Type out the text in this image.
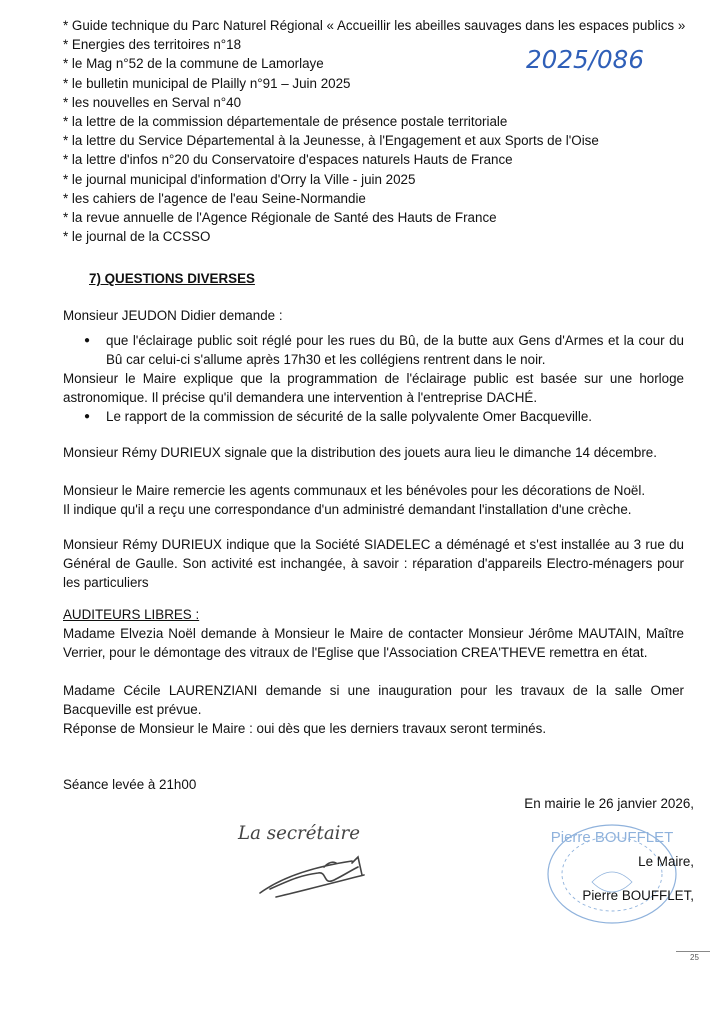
* Guide technique du Parc Naturel Régional « Accueillir les abeilles sauvages dans les espaces publics »
* Energies des territoires n°18
* le Mag n°52 de la commune de Lamorlaye
* le bulletin municipal de Plailly n°91 – Juin 2025
* les nouvelles en Serval n°40
* la lettre de la commission départementale de présence postale territoriale
* la lettre du Service Départemental à la Jeunesse, à l'Engagement et aux Sports de l'Oise
* la lettre d'infos n°20 du Conservatoire d'espaces naturels Hauts de France
* le journal municipal d'information d'Orry la Ville - juin 2025
* les cahiers de l'agence de l'eau Seine-Normandie
* la revue annuelle de l'Agence Régionale de Santé des Hauts de France
* le journal de la CCSSO
2025/086
7) QUESTIONS DIVERSES

Monsieur JEUDON Didier demande :

● que l'éclairage public soit réglé pour les rues du Bû, de la butte aux Gens d'Armes et la cour du Bû car celui-ci s'allume après 17h30 et les collégiens rentrent dans le noir.

Monsieur le Maire explique que la programmation de l'éclairage public est basée sur une horloge astronomique. Il précise qu'il demandera une intervention à l'entreprise DACHÉ.

● Le rapport de la commission de sécurité de la salle polyvalente Omer Bacqueville.

Monsieur Rémy DURIEUX signale que la distribution des jouets aura lieu le dimanche 14 décembre.

Monsieur le Maire remercie les agents communaux et les bénévoles pour les décorations de Noël.

Il indique qu'il a reçu une correspondance d'un administré demandant l'installation d'une crèche.

Monsieur Rémy DURIEUX indique que la Société SIADELEC a déménagé et s'est installée au 3 rue du Général de Gaulle. Son activité est inchangée, à savoir : réparation d'appareils Electro-ménagers pour les particuliers

AUDITEURS LIBRES :

Madame Elvezia Noël demande à Monsieur le Maire de contacter Monsieur Jérôme MAUTAIN, Maître Verrier, pour le démontage des vitraux de l'Eglise que l'Association CREA'THEVE remettra en état.

Madame Cécile LAURENZIANI demande si une inauguration pour les travaux de la salle Omer Bacqueville est prévue.

Réponse de Monsieur le Maire : oui dès que les derniers travaux seront terminés.

Séance levée à 21h00

Pierre BOUFFLET

En mairie le 26 janvier 2026,

Le Maire,

Pierre BOUFFLET,

La secrétaire
25
